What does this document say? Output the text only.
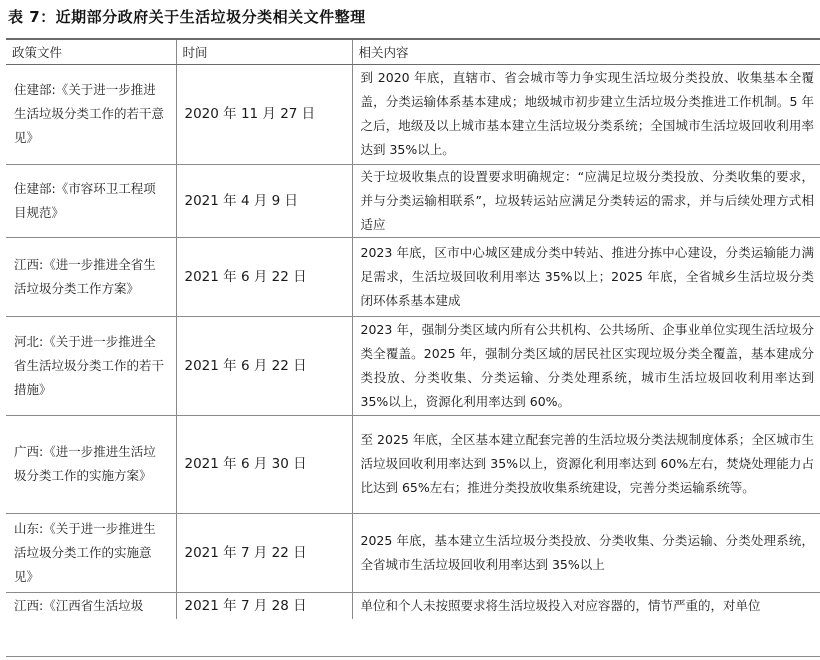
表 7：近期部分政府关于生活垃圾分类相关文件整理
政策文件	时间	相关内容
住建部:《关于进一步推进生活垃圾分类工作的若干意见》	2020 年 11 月 27 日	到 2020 年底，直辖市、省会城市等力争实现生活垃圾分类投放、收集基本全覆盖，分类运输体系基本建成；地级城市初步建立生活垃圾分类推进工作机制。5 年之后，地级及以上城市基本建立生活垃圾分类系统；全国城市生活垃圾回收利用率达到 35%以上。
住建部:《市容环卫工程项目规范》	2021 年 4 月 9 日	关于垃圾收集点的设置要求明确规定：“应满足垃圾分类投放、分类收集的要求，并与分类运输相联系”，垃圾转运站应满足分类转运的需求，并与后续处理方式相适应
江西:《进一步推进全省生活垃圾分类工作方案》	2021 年 6 月 22 日	2023 年底，区市中心城区建成分类中转站、推进分拣中心建设，分类运输能力满足需求，生活垃圾回收利用率达 35%以上；2025 年底，全省城乡生活垃圾分类闭环体系基本建成
河北:《关于进一步推进全省生活垃圾分类工作的若干措施》	2021 年 6 月 22 日	2023 年，强制分类区域内所有公共机构、公共场所、企事业单位实现生活垃圾分类全覆盖。2025 年，强制分类区域的居民社区实现垃圾分类全覆盖，基本建成分类投放、分类收集、分类运输、分类处理系统，城市生活垃圾回收利用率达到 35%以上，资源化利用率达到 60%。
广西:《进一步推进生活垃圾分类工作的实施方案》	2021 年 6 月 30 日	至 2025 年底，全区基本建立配套完善的生活垃圾分类法规制度体系；全区城市生活垃圾回收利用率达到 35%以上，资源化利用率达到 60%左右，焚烧处理能力占比达到 65%左右；推进分类投放收集系统建设，完善分类运输系统等。
山东:《关于进一步推进生活垃圾分类工作的实施意见》	2021 年 7 月 22 日	2025 年底，基本建立生活垃圾分类投放、分类收集、分类运输、分类处理系统，全省城市生活垃圾回收利用率达到 35%以上
江西:《江西省生活垃圾	2021 年 7 月 28 日	单位和个人未按照要求将生活垃圾投入对应容器的，情节严重的，对单位
